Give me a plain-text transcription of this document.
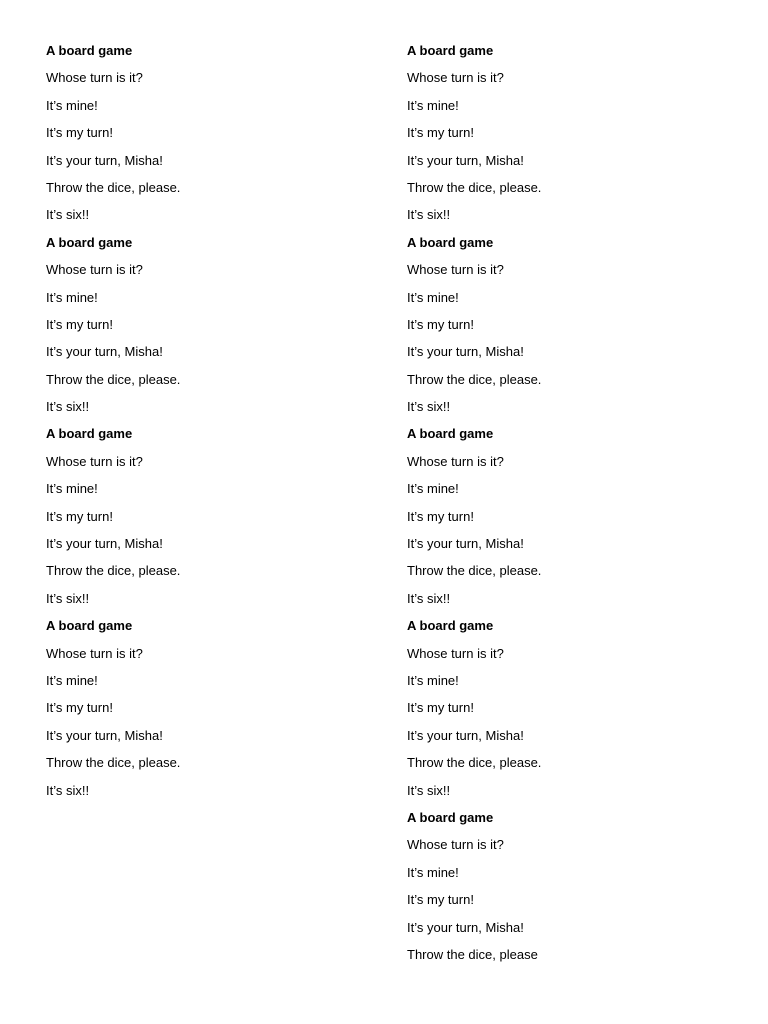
A board game
Whose turn is it?
It’s mine!
It’s my turn!
It’s your turn, Misha!
Throw the dice, please.
It’s six!!
A board game
Whose turn is it?
It’s mine!
It’s my turn!
It’s your turn, Misha!
Throw the dice, please.
It’s six!!
A board game
Whose turn is it?
It’s mine!
It’s my turn!
It’s your turn, Misha!
Throw the dice, please.
It’s six!!
A board game
Whose turn is it?
It’s mine!
It’s my turn!
It’s your turn, Misha!
Throw the dice, please.
It’s six!!
A board game
Whose turn is it?
It’s mine!
It’s my turn!
It’s your turn, Misha!
Throw the dice, please.
It’s six!!
A board game
Whose turn is it?
It’s mine!
It’s my turn!
It’s your turn, Misha!
Throw the dice, please.
It’s six!!
A board game
Whose turn is it?
It’s mine!
It’s my turn!
It’s your turn, Misha!
Throw the dice, please.
It’s six!!
A board game
Whose turn is it?
It’s mine!
It’s my turn!
It’s your turn, Misha!
Throw the dice, please.
It’s six!!
A board game
Whose turn is it?
It’s mine!
It’s my turn!
It’s your turn, Misha!
Throw the dice, please
